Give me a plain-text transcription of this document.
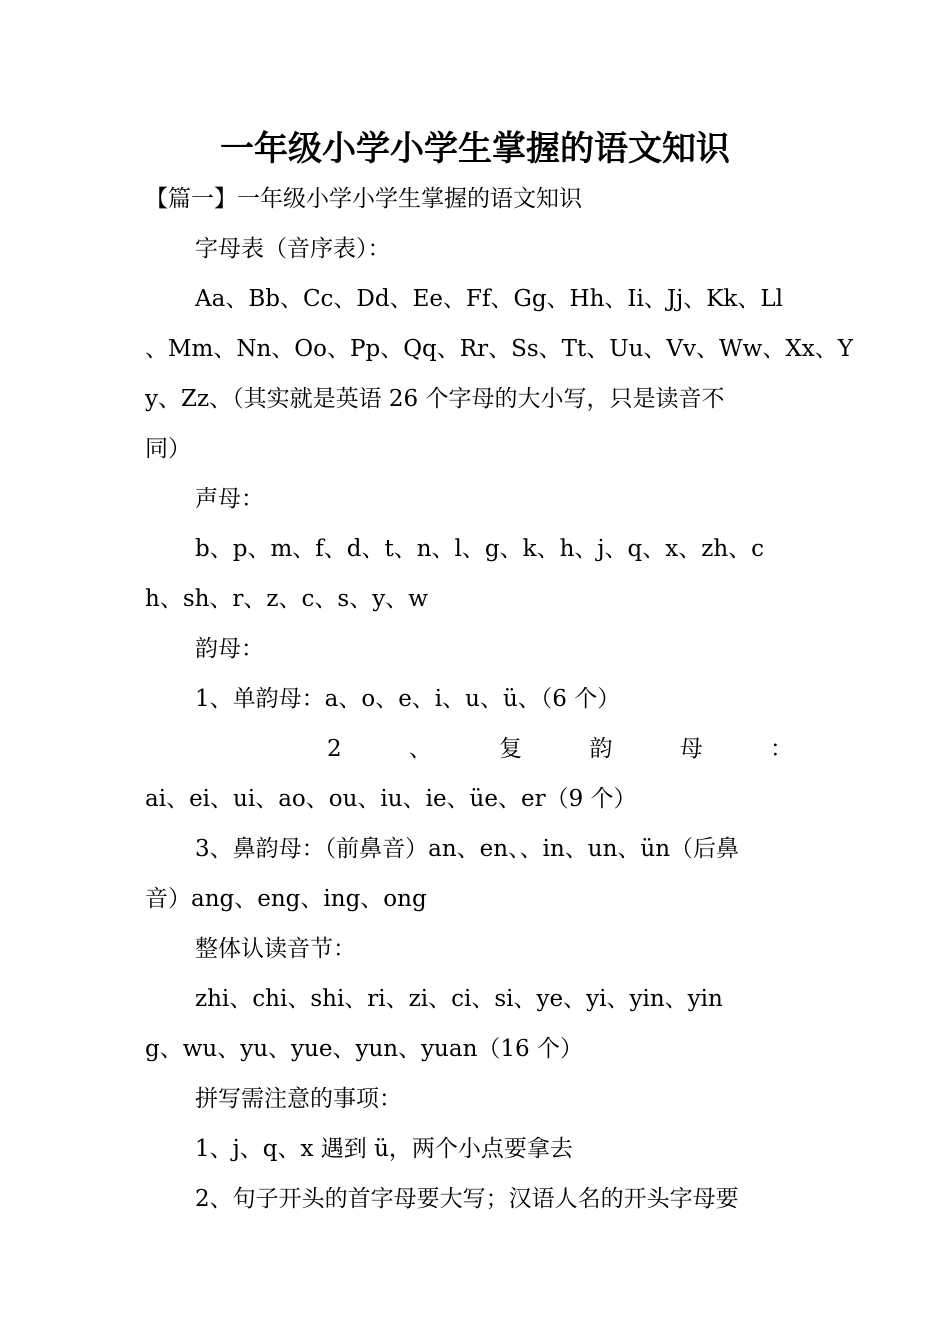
一年级小学小学生掌握的语文知识
【篇一】一年级小学小学生掌握的语文知识
字母表（音序表）：
Aa、Bb、Cc、Dd、Ee、Ff、Gg、Hh、Ii、Jj、Kk、Ll
、Mm、Nn、Oo、Pp、Qq、Rr、Ss、Tt、Uu、Vv、Ww、Xx、Y
y、Zz、（其实就是英语 26 个字母的大小写，只是读音不
同）
声母：
b、p、m、f、d、t、n、l、g、k、h、j、q、x、zh、c
h、sh、r、z、c、s、y、w
韵母：
1、单韵母：a、o、e、i、u、ü、（6 个）
2	、	复	韵	母	：
ai、ei、ui、ao、ou、iu、ie、üe、er（9 个）
3、鼻韵母：（前鼻音）an、en、、in、un、ün（后鼻
音）ang、eng、ing、ong
整体认读音节：
zhi、chi、shi、ri、zi、ci、si、ye、yi、yin、yin
g、wu、yu、yue、yun、yuan（16 个）
拼写需注意的事项：
1、j、q、x 遇到 ü，两个小点要拿去
2、句子开头的首字母要大写；汉语人名的开头字母要
